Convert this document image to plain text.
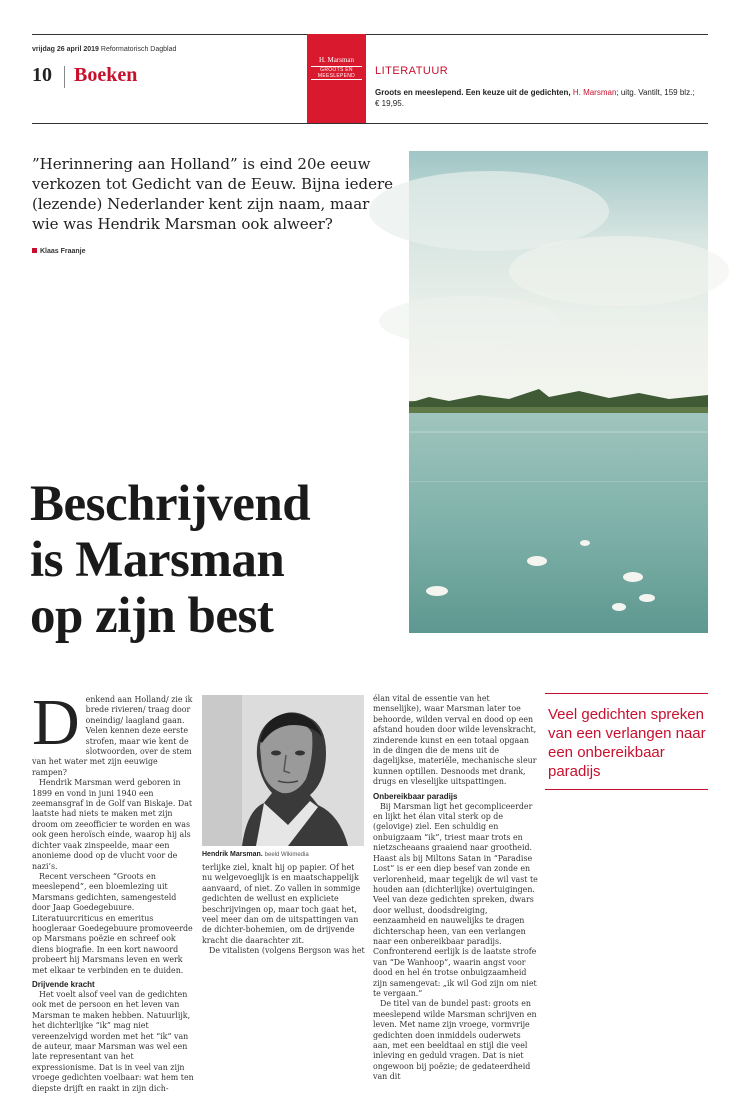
vrijdag 26 april 2019 Reformatorisch Dagblad
10 Boeken
H. Marsman
GROOTS EN
MEESLEPEND	LITERATUUR
Groots en meeslepend. Een keuze uit de gedichten, H. Marsman; uitg. Vantilt, 159 blz.;
€ 19,95.
”Herinnering aan Holland” is eind 20e eeuw verkozen tot Gedicht van de Eeuw. Bijna iedere (lezende) Nederlander kent zijn naam, maar wie was Hendrik Marsman ook alweer?
Klaas Fraanje
Beschrijvend
is Marsman
op zijn best
D enkend aan Holland/ zie ik brede rivieren/ traag door oneindig/ laagland gaan. Velen kennen deze eerste strofen, maar wie kent de slotwoorden, over de stem van het water met zijn eeuwige rampen?

Hendrik Marsman werd geboren in 1899 en vond in juni 1940 een zeemansgraf in de Golf van Biskaje. Dat laatste had niets te maken met zijn droom om zeeofficier te worden en was ook geen heroïsch einde, waarop hij als dichter vaak zinspeelde, maar een anonieme dood op de vlucht voor de nazi’s.

Recent verscheen “Groots en meeslepend”, een bloemlezing uit Marsmans gedichten, samengesteld door Jaap Goedegebuure. Literatuurcriticus en emeritus hoogleraar Goedegebuure promoveerde op Marsmans poëzie en schreef ook diens biografie. In een kort nawoord probeert hij Marsmans leven en werk met elkaar te verbinden en te duiden.

Drijvende kracht

Het voelt alsof veel van de gedichten ook met de persoon en het leven van Marsman te maken hebben. Natuurlijk, het dichterlijke “ik” mag niet vereenzelvigd worden met het “ik” van de auteur, maar Marsman was wel een late representant van het expressionisme. Dat is in veel van zijn vroege gedichten voelbaar: wat hem ten diepste drijft en raakt in zijn dich-

Hendrik Marsman. beeld Wikimedia

terlijke ziel, knalt hij op papier. Of het nu welgevoeglijk is en maatschappelijk aanvaard, of niet. Zo vallen in sommige gedichten de wellust en expliciete beschrijvingen op, maar toch gaat het, veel meer dan om de uitspattingen van de dichter-bohemien, om de drijvende kracht die daarachter zit.

De vitalisten (volgens Bergson was het

élan vital de essentie van het menselijke), waar Marsman later toe behoorde, wilden verval en dood op een afstand houden door wilde levenskracht, zinderende kunst en een totaal opgaan in de dingen die de mens uit de dagelijkse, materiële, mechanische sleur kunnen optillen. Desnoods met drank, drugs en vleselijke uitspattingen.

Onbereikbaar paradijs

Bij Marsman ligt het gecompliceerder en lijkt het élan vital sterk op de (gelovige) ziel. Een schuldig en onbuigzaam “ik”, triest maar trots en nietzscheaans graaiend naar grootheid. Haast als bij Miltons Satan in “Paradise Lost” is er een diep besef van zonde en verlorenheid, maar tegelijk de wil vast te houden aan (dichterlijke) overtuigingen. Veel van deze gedichten spreken, dwars door wellust, doodsdreiging, eenzaamheid en nauwelijks te dragen dichterschap heen, van een verlangen naar een onbereikbaar paradijs. Confronterend eerlijk is de laatste strofe van “De Wanhoop”, waarin angst voor dood en hel én trotse onbuigzaamheid zijn samengevat: „ik wil God zijn om niet te vergaan.”

De titel van de bundel past: groots en meeslepend wilde Marsman schrijven en leven. Met name zijn vroege, vormvrije gedichten doen inmiddels ouderwets aan, met een beeldtaal en stijl die veel inleving en geduld vragen. Dat is niet ongewoon bij poëzie; de gedateerdheid van dit

Veel gedichten spreken van een verlangen naar een onbereikbaar paradijs
